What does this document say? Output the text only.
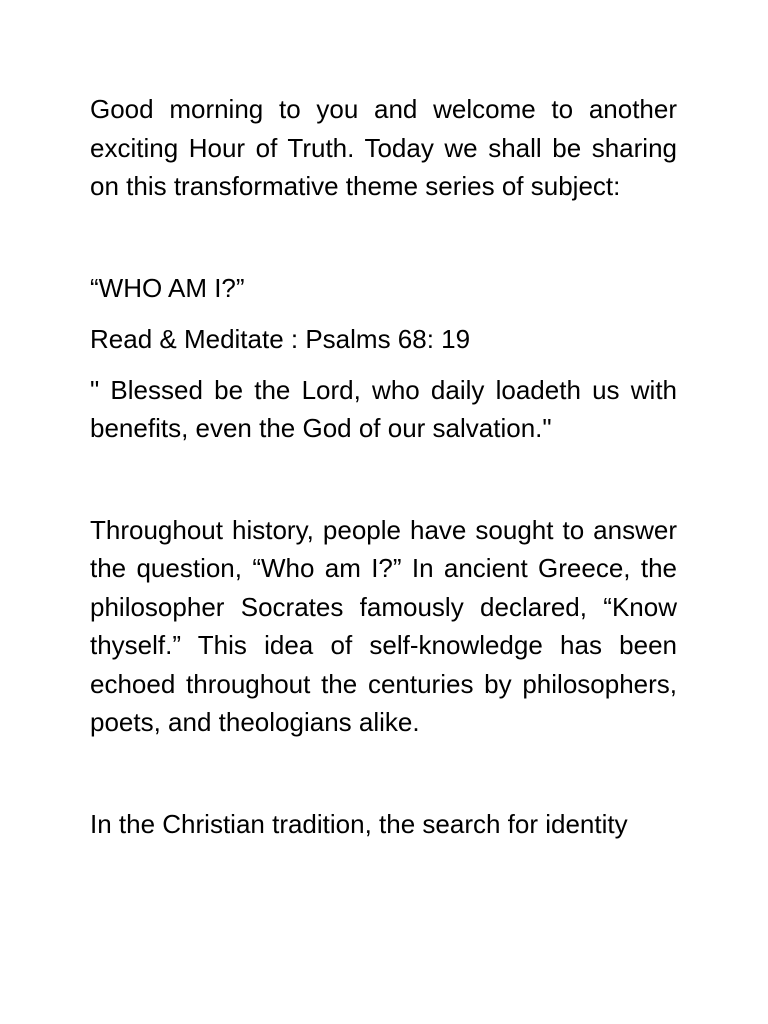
Good morning to you and welcome to another exciting Hour of Truth. Today we shall be sharing on this transformative theme series of subject:

“WHO AM I?”

Read & Meditate : Psalms 68: 19

" Blessed be the Lord, who daily loadeth us with benefits, even the God of our salvation."

Throughout history, people have sought to answer the question, “Who am I?” In ancient Greece, the philosopher Socrates famously declared, “Know thyself.” This idea of self-knowledge has been echoed throughout the centuries by philosophers, poets, and theologians alike.

In the Christian tradition, the search for identity
